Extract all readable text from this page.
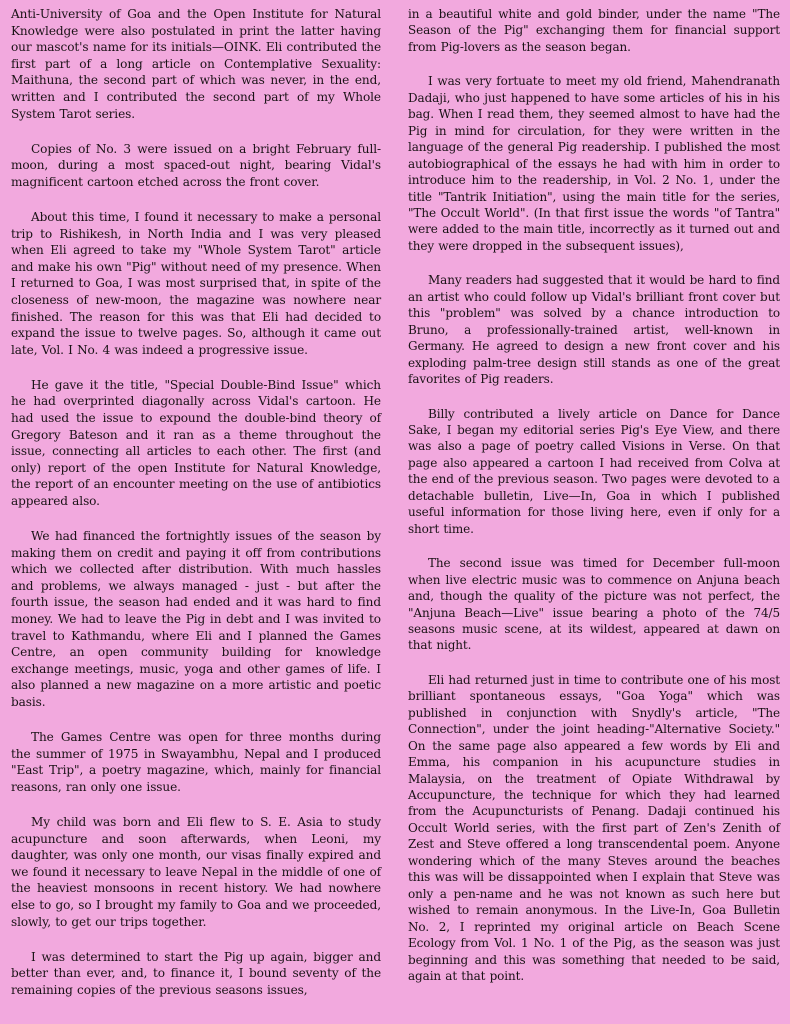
Anti-University of Goa and the Open Institute for Natural Knowledge were also postulated in print the latter having our mascot's name for its initials—OINK. Eli contributed the first part of a long article on Contemplative Sexuality: Maithuna, the second part of which was never, in the end, written and I contributed the second part of my Whole System Tarot series.

Copies of No. 3 were issued on a bright February full-moon, during a most spaced-out night, bearing Vidal's magnificent cartoon etched across the front cover.

About this time, I found it necessary to make a personal trip to Rishikesh, in North India and I was very pleased when Eli agreed to take my "Whole System Tarot" article and make his own "Pig" without need of my presence. When I returned to Goa, I was most surprised that, in spite of the closeness of new-moon, the magazine was nowhere near finished. The reason for this was that Eli had decided to expand the issue to twelve pages. So, although it came out late, Vol. I No. 4 was indeed a progressive issue.

He gave it the title, "Special Double-Bind Issue" which he had overprinted diagonally across Vidal's cartoon. He had used the issue to expound the double-bind theory of Gregory Bateson and it ran as a theme throughout the issue, connecting all articles to each other. The first (and only) report of the open Institute for Natural Knowledge, the report of an encounter meeting on the use of antibiotics appeared also.

We had financed the fortnightly issues of the season by making them on credit and paying it off from contributions which we collected after distribution. With much hassles and problems, we always managed - just - but after the fourth issue, the season had ended and it was hard to find money. We had to leave the Pig in debt and I was invited to travel to Kathmandu, where Eli and I planned the Games Centre, an open community building for knowledge exchange meetings, music, yoga and other games of life. I also planned a new magazine on a more artistic and poetic basis.

The Games Centre was open for three months during the summer of 1975 in Swayambhu, Nepal and I produced "East Trip", a poetry magazine, which, mainly for financial reasons, ran only one issue.

My child was born and Eli flew to S. E. Asia to study acupuncture and soon afterwards, when Leoni, my daughter, was only one month, our visas finally expired and we found it necessary to leave Nepal in the middle of one of the heaviest monsoons in recent history. We had nowhere else to go, so I brought my family to Goa and we proceeded, slowly, to get our trips together.

I was determined to start the Pig up again, bigger and better than ever, and, to finance it, I bound seventy of the remaining copies of the previous seasons issues,

in a beautiful white and gold binder, under the name "The Season of the Pig" exchanging them for financial support from Pig-lovers as the season began.

I was very fortuate to meet my old friend, Mahendranath Dadaji, who just happened to have some articles of his in his bag. When I read them, they seemed almost to have had the Pig in mind for circulation, for they were written in the language of the general Pig readership. I published the most autobiographical of the essays he had with him in order to introduce him to the readership, in Vol. 2 No. 1, under the title "Tantrik Initiation", using the main title for the series, "The Occult World". (In that first issue the words "of Tantra" were added to the main title, incorrectly as it turned out and they were dropped in the subsequent issues),

Many readers had suggested that it would be hard to find an artist who could follow up Vidal's brilliant front cover but this "problem" was solved by a chance introduction to Bruno, a professionally-trained artist, well-known in Germany. He agreed to design a new front cover and his exploding palm-tree design still stands as one of the great favorites of Pig readers.

Billy contributed a lively article on Dance for Dance Sake, I began my editorial series Pig's Eye View, and there was also a page of poetry called Visions in Verse. On that page also appeared a cartoon I had received from Colva at the end of the previous season. Two pages were devoted to a detachable bulletin, Live—In, Goa in which I published useful information for those living here, even if only for a short time.

The second issue was timed for December full-moon when live electric music was to commence on Anjuna beach and, though the quality of the picture was not perfect, the "Anjuna Beach—Live" issue bearing a photo of the 74/5 seasons music scene, at its wildest, appeared at dawn on that night.

Eli had returned just in time to contribute one of his most brilliant spontaneous essays, "Goa Yoga" which was published in conjunction with Snydly's article, "The Connection", under the joint heading-"Alternative Society." On the same page also appeared a few words by Eli and Emma, his companion in his acupuncture studies in Malaysia, on the treatment of Opiate Withdrawal by Accupuncture, the technique for which they had learned from the Acupuncturists of Penang. Dadaji continued his Occult World series, with the first part of Zen's Zenith of Zest and Steve offered a long transcendental poem. Anyone wondering which of the many Steves around the beaches this was will be dissappointed when I explain that Steve was only a pen-name and he was not known as such here but wished to remain anonymous. In the Live-In, Goa Bulletin No. 2, I reprinted my original article on Beach Scene Ecology from Vol. 1 No. 1 of the Pig, as the season was just beginning and this was something that needed to be said, again at that point.
